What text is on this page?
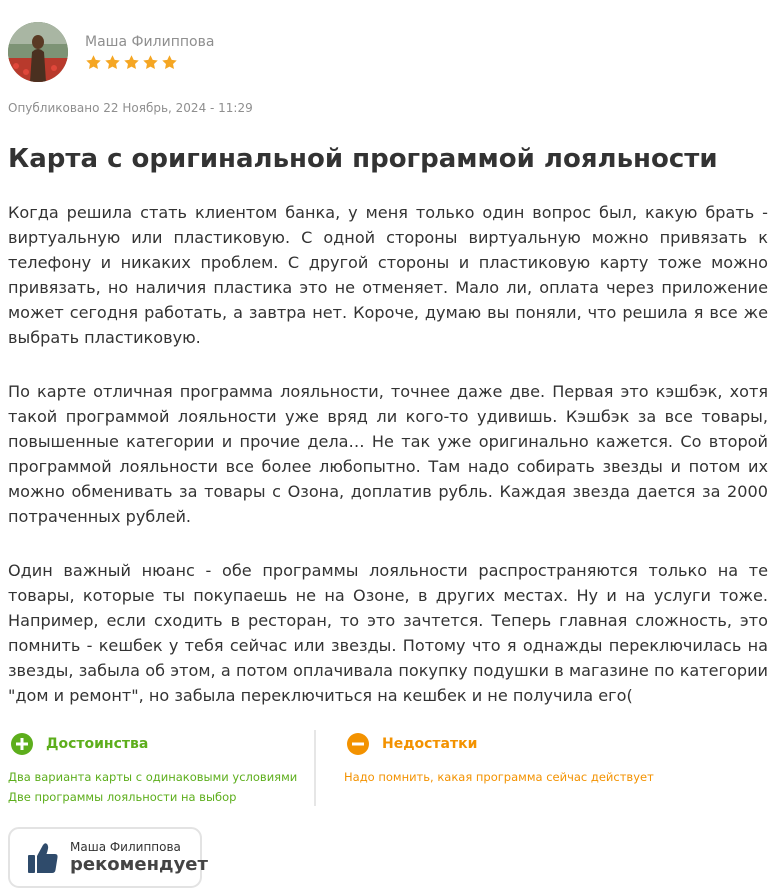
Маша Филиппова
Опубликовано 22 Ноябрь, 2024 - 11:29
Карта с оригинальной программой лояльности

Когда решила стать клиентом банка, у меня только один вопрос был, какую брать - виртуальную или пластиковую. С одной стороны виртуальную можно привязать к телефону и никаких проблем. С другой стороны и пластиковую карту тоже можно привязать, но наличия пластика это не отменяет. Мало ли, оплата через приложение может сегодня работать, а завтра нет. Короче, думаю вы поняли, что решила я все же выбрать пластиковую.

По карте отличная программа лояльности, точнее даже две. Первая это кэшбэк, хотя такой программой лояльности уже вряд ли кого-то удивишь. Кэшбэк за все товары, повышенные категории и прочие дела… Не так уже оригинально кажется. Со второй программой лояльности все более любопытно. Там надо собирать звезды и потом их можно обменивать за товары с Озона, доплатив рубль. Каждая звезда дается за 2000 потраченных рублей.

Один важный нюанс - обе программы лояльности распространяются только на те товары, которые ты покупаешь не на Озоне, в других местах. Ну и на услуги тоже. Например, если сходить в ресторан, то это зачтется. Теперь главная сложность, это помнить - кешбек у тебя сейчас или звезды. Потому что я однажды переключилась на звезды, забыла об этом, а потом оплачивала покупку подушки в магазине по категории "дом и ремонт", но забыла переключиться на кешбек и не получила его(

Достоинства
Два варианта карты с одинаковыми условиями
Две программы лояльности на выбор
Недостатки
Надо помнить, какая программа сейчас действует
Маша Филиппова
рекомендует
